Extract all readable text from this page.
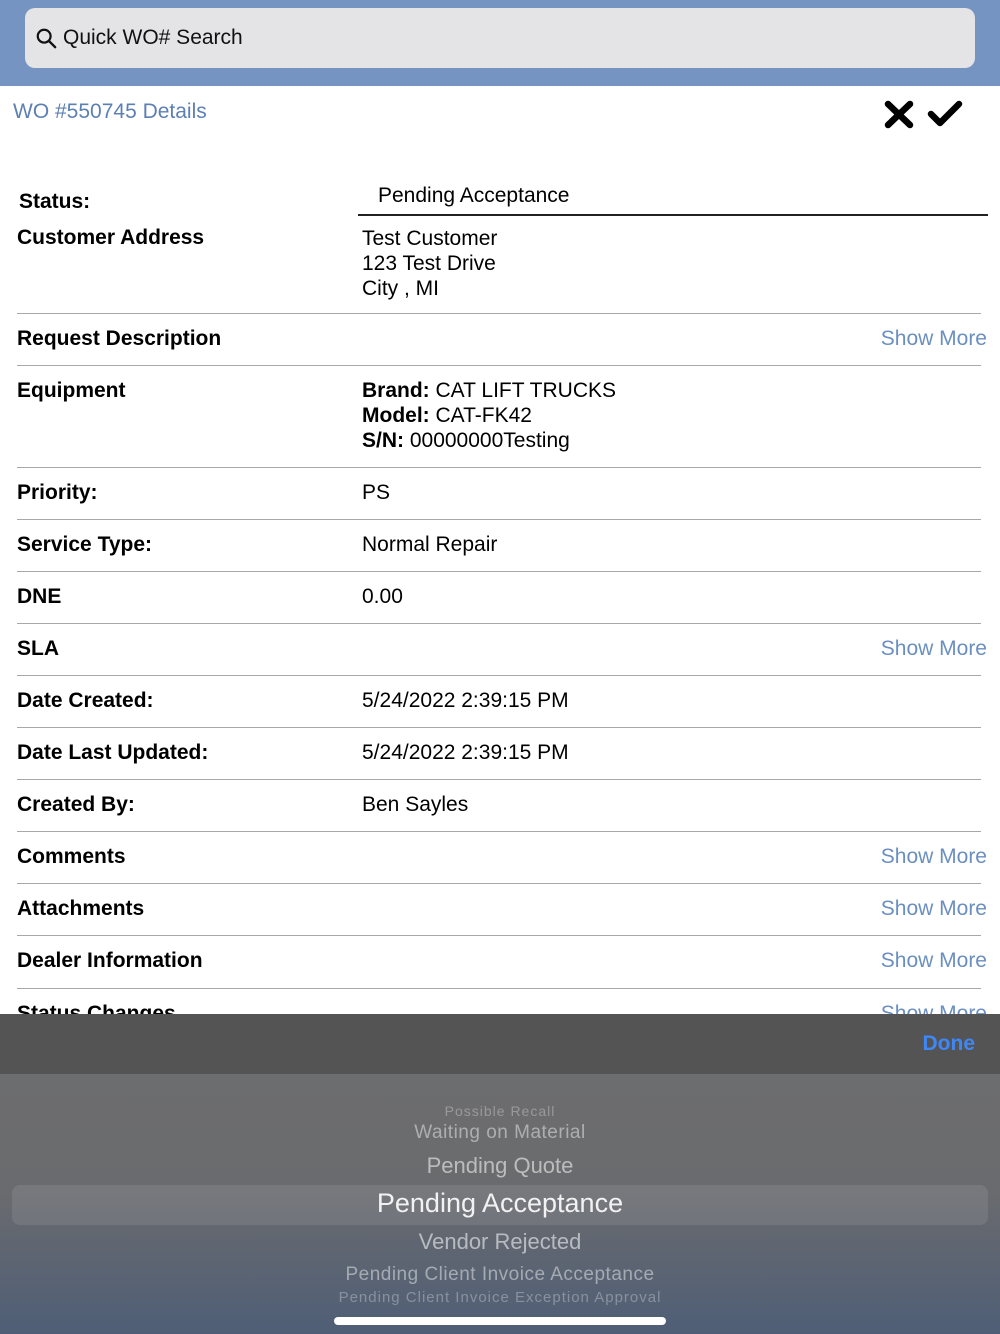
Quick WO# Search
WO #550745 Details
Status:	Pending Acceptance
Customer Address	Test Customer
123 Test Drive
City , MI
Request Description	Show More
Equipment	Brand: CAT LIFT TRUCKS
Model: CAT-FK42
S/N: 00000000Testing
Priority:	PS
Service Type:	Normal Repair
DNE	0.00
SLA	Show More
Date Created:	5/24/2022 2:39:15 PM
Date Last Updated:	5/24/2022 2:39:15 PM
Created By:	Ben Sayles
Comments	Show More
Attachments	Show More
Dealer Information	Show More
Done
Possible Recall
Waiting on Material
Pending Quote
Pending Acceptance
Vendor Rejected
Pending Client Invoice Acceptance
Pending Client Invoice Exception Approval
